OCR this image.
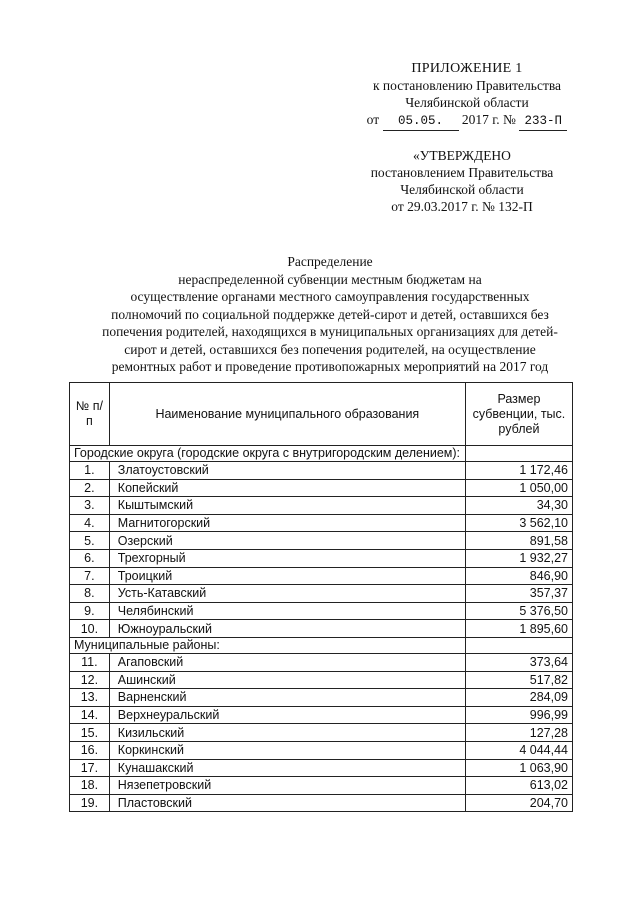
ПРИЛОЖЕНИЕ 1
к постановлению Правительства
Челябинской области
от 05.05. 2017 г. № 233-П
«УТВЕРЖДЕНО
постановлением Правительства
Челябинской области
от 29.03.2017 г. № 132-П
Распределение
нераспределенной субвенции местным бюджетам на
осуществление органами местного самоуправления государственных
полномочий по социальной поддержке детей-сирот и детей, оставшихся без
попечения родителей, находящихся в муниципальных организациях для детей-
сирот и детей, оставшихся без попечения родителей, на осуществление
ремонтных работ и проведение противопожарных мероприятий на 2017 год
№ п/п	Наименование муниципального образования	Размер субвенции, тыс. рублей
Городские округа (городские округа с внутригородским делением):		
1.	Златоустовский	1 172,46
2.	Копейский	1 050,00
3.	Кыштымский	34,30
4.	Магнитогорский	3 562,10
5.	Озерский	891,58
6.	Трехгорный	1 932,27
7.	Троицкий	846,90
8.	Усть-Катавский	357,37
9.	Челябинский	5 376,50
10.	Южноуральский	1 895,60
Муниципальные районы:		
11.	Агаповский	373,64
12.	Ашинский	517,82
13.	Варненский	284,09
14.	Верхнеуральский	996,99
15.	Кизильский	127,28
16.	Коркинский	4 044,44
17.	Кунашакский	1 063,90
18.	Нязепетровский	613,02
19.	Пластовский	204,70
